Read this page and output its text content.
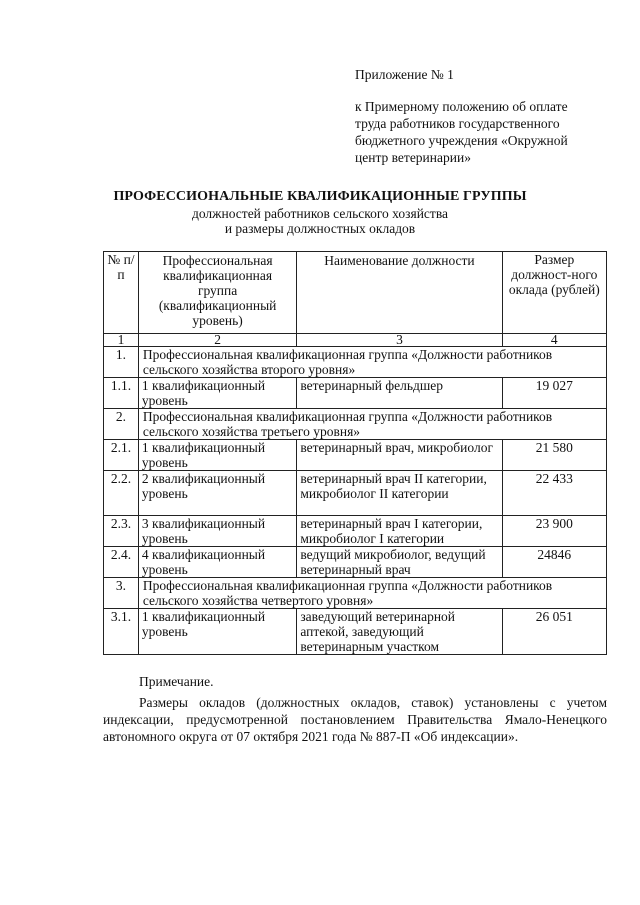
Приложение № 1
к Примерному положению об оплате
труда работников государственного
бюджетного учреждения «Окружной
центр ветеринарии»
ПРОФЕССИОНАЛЬНЫЕ КВАЛИФИКАЦИОННЫЕ ГРУППЫ
должностей работников сельского хозяйства
и размеры должностных окладов
№ п/п	Профессиональная квалификационная группа (квалификационный уровень)	Наименование должности	Размер должност-ного оклада (рублей)
1	2	3	4
1.	Профессиональная квалификационная группа «Должности работников сельского хозяйства второго уровня»		
1.1.	1 квалификационный уровень	ветеринарный фельдшер	19 027
2.	Профессиональная квалификационная группа «Должности работников сельского хозяйства третьего уровня»		
2.1.	1 квалификационный уровень	ветеринарный врач, микробиолог	21 580
2.2.	2 квалификационный уровень	ветеринарный врач II категории, микробиолог II категории	22 433
2.3.	3 квалификационный уровень	ветеринарный врач I категории, микробиолог I категории	23 900
2.4.	4 квалификационный уровень	ведущий микробиолог, ведущий ветеринарный врач	24846
3.	Профессиональная квалификационная группа «Должности работников сельского хозяйства четвертого уровня»		
3.1.	1 квалификационный уровень	заведующий ветеринарной аптекой, заведующий ветеринарным участком	26 051
Примечание.
Размеры окладов (должностных окладов, ставок) установлены с учетом индексации, предусмотренной постановлением Правительства Ямало-Ненецкого автономного округа от 07 октября 2021 года № 887-П «Об индексации».
